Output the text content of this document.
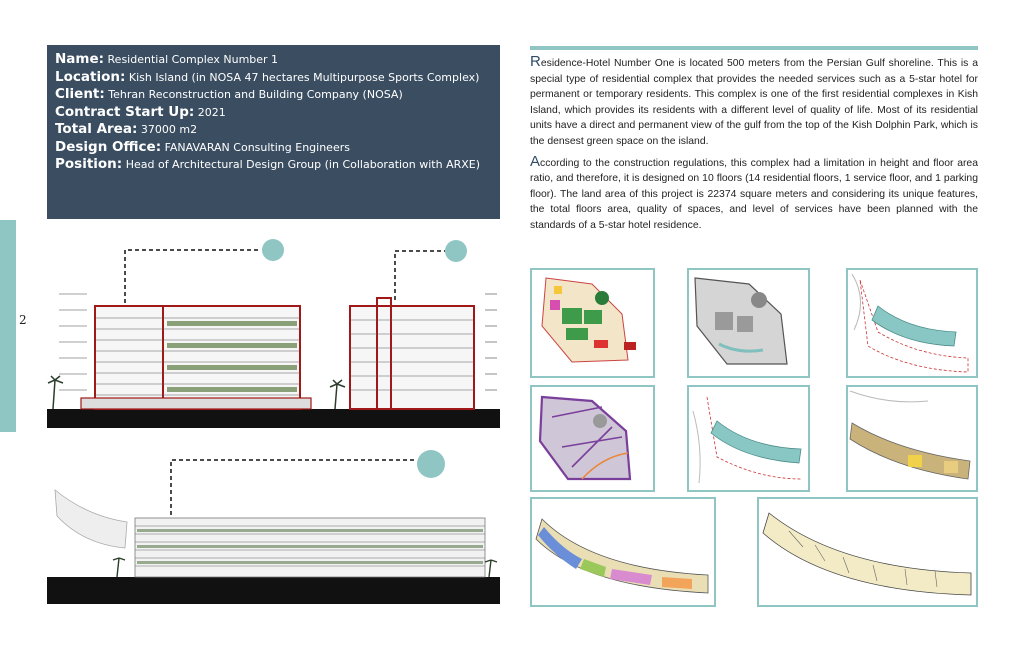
2
Name: Residential Complex Number 1
Location: Kish Island (in NOSA 47 hectares Multipurpose Sports Complex)
Client: Tehran Reconstruction and Building Company (NOSA)
Contract Start Up: 2021
Total Area: 37000 m2
Design Office: FANAVARAN Consulting Engineers
Position: Head of Architectural Design Group (in Collaboration with ARXE)

Residence-Hotel Number One is located 500 meters from the Persian Gulf shoreline. This is a special type of residential complex that provides the needed services such as a 5-star hotel for permanent or temporary residents. This complex is one of the first residential complexes in Kish Island, which provides its residents with a different level of quality of life. Most of its residential units have a direct and permanent view of the gulf from the top of the Kish Dolphin Park, which is the densest green space on the island.

According to the construction regulations, this complex had a limitation in height and floor area ratio, and therefore, it is designed on 10 floors (14 residential floors, 1 service floor, and 1 parking floor). The land area of this project is 22374 square meters and considering its unique features, the total floors area, quality of spaces, and level of services have been planned with the standards of a 5-star hotel residence.
